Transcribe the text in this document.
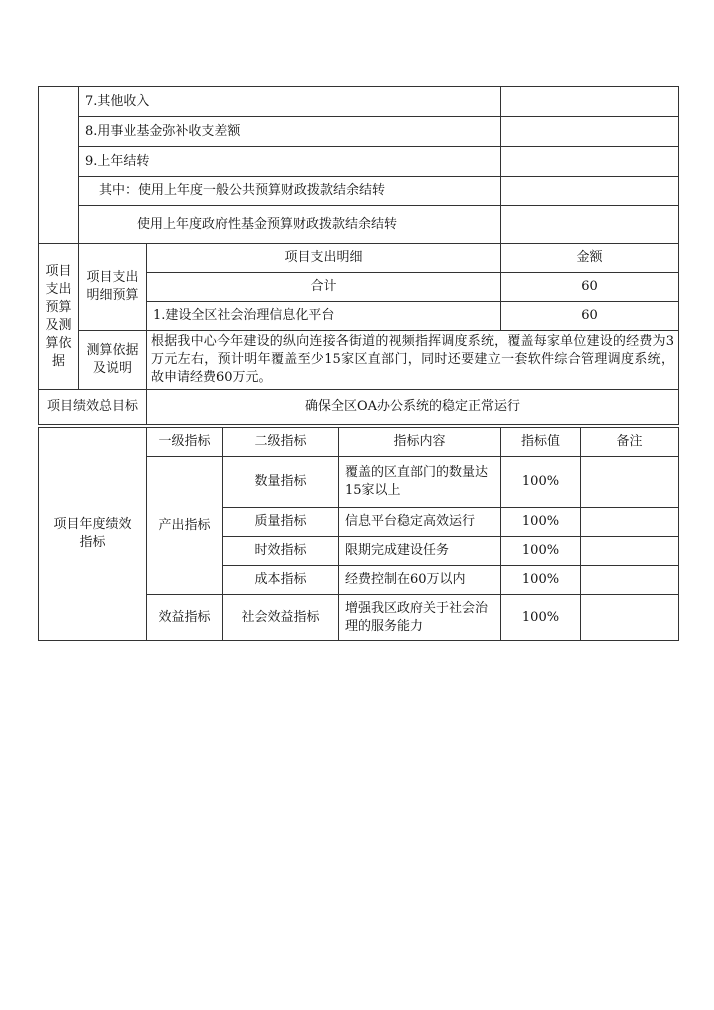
	7.其他收入		
	8.用事业基金弥补收支差额		
	9.上年结转		
	其中：使用上年度一般公共预算财政拨款结余结转		
	使用上年度政府性基金预算财政拨款结余结转		
项目支出预算及测算依据	项目支出明细预算	项目支出明细	金额
		合计	60
		1.建设全区社会治理信息化平台	60
	测算依据及说明	根据我中心今年建设的纵向连接各街道的视频指挥调度系统，覆盖每家单位建设的经费为3万元左右，预计明年覆盖至少15家区直部门，同时还要建立一套软件综合管理调度系统，故申请经费60万元。	
项目绩效总目标		确保全区OA办公系统的稳定正常运行	
项目年度绩效指标	一级指标	二级指标	指标内容	指标值	备注
	产出指标	数量指标	覆盖的区直部门的数量达15家以上	100%	
		质量指标	信息平台稳定高效运行	100%	
		时效指标	限期完成建设任务	100%	
		成本指标	经费控制在60万以内	100%	
	效益指标	社会效益指标	增强我区政府关于社会治理的服务能力	100%	
